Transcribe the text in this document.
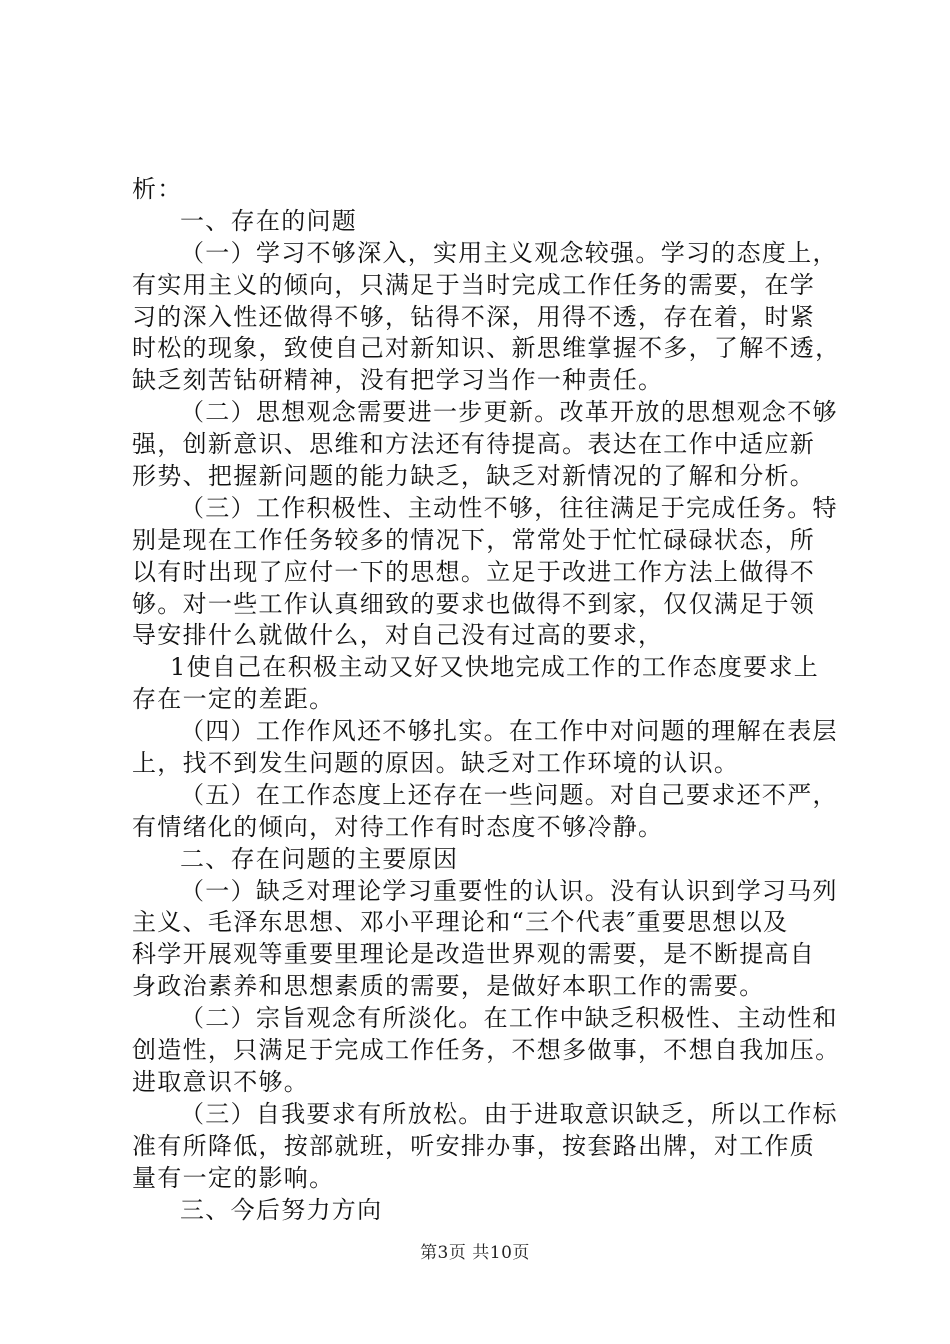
析：
一、存在的问题
（一）学习不够深入，实用主义观念较强。学习的态度上，
有实用主义的倾向，只满足于当时完成工作任务的需要，在学
习的深入性还做得不够，钻得不深，用得不透，存在着，时紧
时松的现象，致使自己对新知识、新思维掌握不多，了解不透，
缺乏刻苦钻研精神，没有把学习当作一种责任。
（二）思想观念需要进一步更新。改革开放的思想观念不够
强，创新意识、思维和方法还有待提高。表达在工作中适应新
形势、把握新问题的能力缺乏，缺乏对新情况的了解和分析。
（三）工作积极性、主动性不够，往往满足于完成任务。特
别是现在工作任务较多的情况下，常常处于忙忙碌碌状态，所
以有时出现了应付一下的思想。立足于改进工作方法上做得不
够。对一些工作认真细致的要求也做得不到家，仅仅满足于领
导安排什么就做什么，对自己没有过高的要求，
1使自己在积极主动又好又快地完成工作的工作态度要求上
存在一定的差距。
（四）工作作风还不够扎实。在工作中对问题的理解在表层
上，找不到发生问题的原因。缺乏对工作环境的认识。
（五）在工作态度上还存在一些问题。对自己要求还不严，
有情绪化的倾向，对待工作有时态度不够冷静。
二、存在问题的主要原因
（一）缺乏对理论学习重要性的认识。没有认识到学习马列
主义、毛泽东思想、邓小平理论和“三个代表″重要思想以及
科学开展观等重要里理论是改造世界观的需要，是不断提高自
身政治素养和思想素质的需要，是做好本职工作的需要。
（二）宗旨观念有所淡化。在工作中缺乏积极性、主动性和
创造性，只满足于完成工作任务，不想多做事，不想自我加压。
进取意识不够。
（三）自我要求有所放松。由于进取意识缺乏，所以工作标
准有所降低，按部就班，听安排办事，按套路出牌，对工作质
量有一定的影响。
三、今后努力方向
第3页 共10页
